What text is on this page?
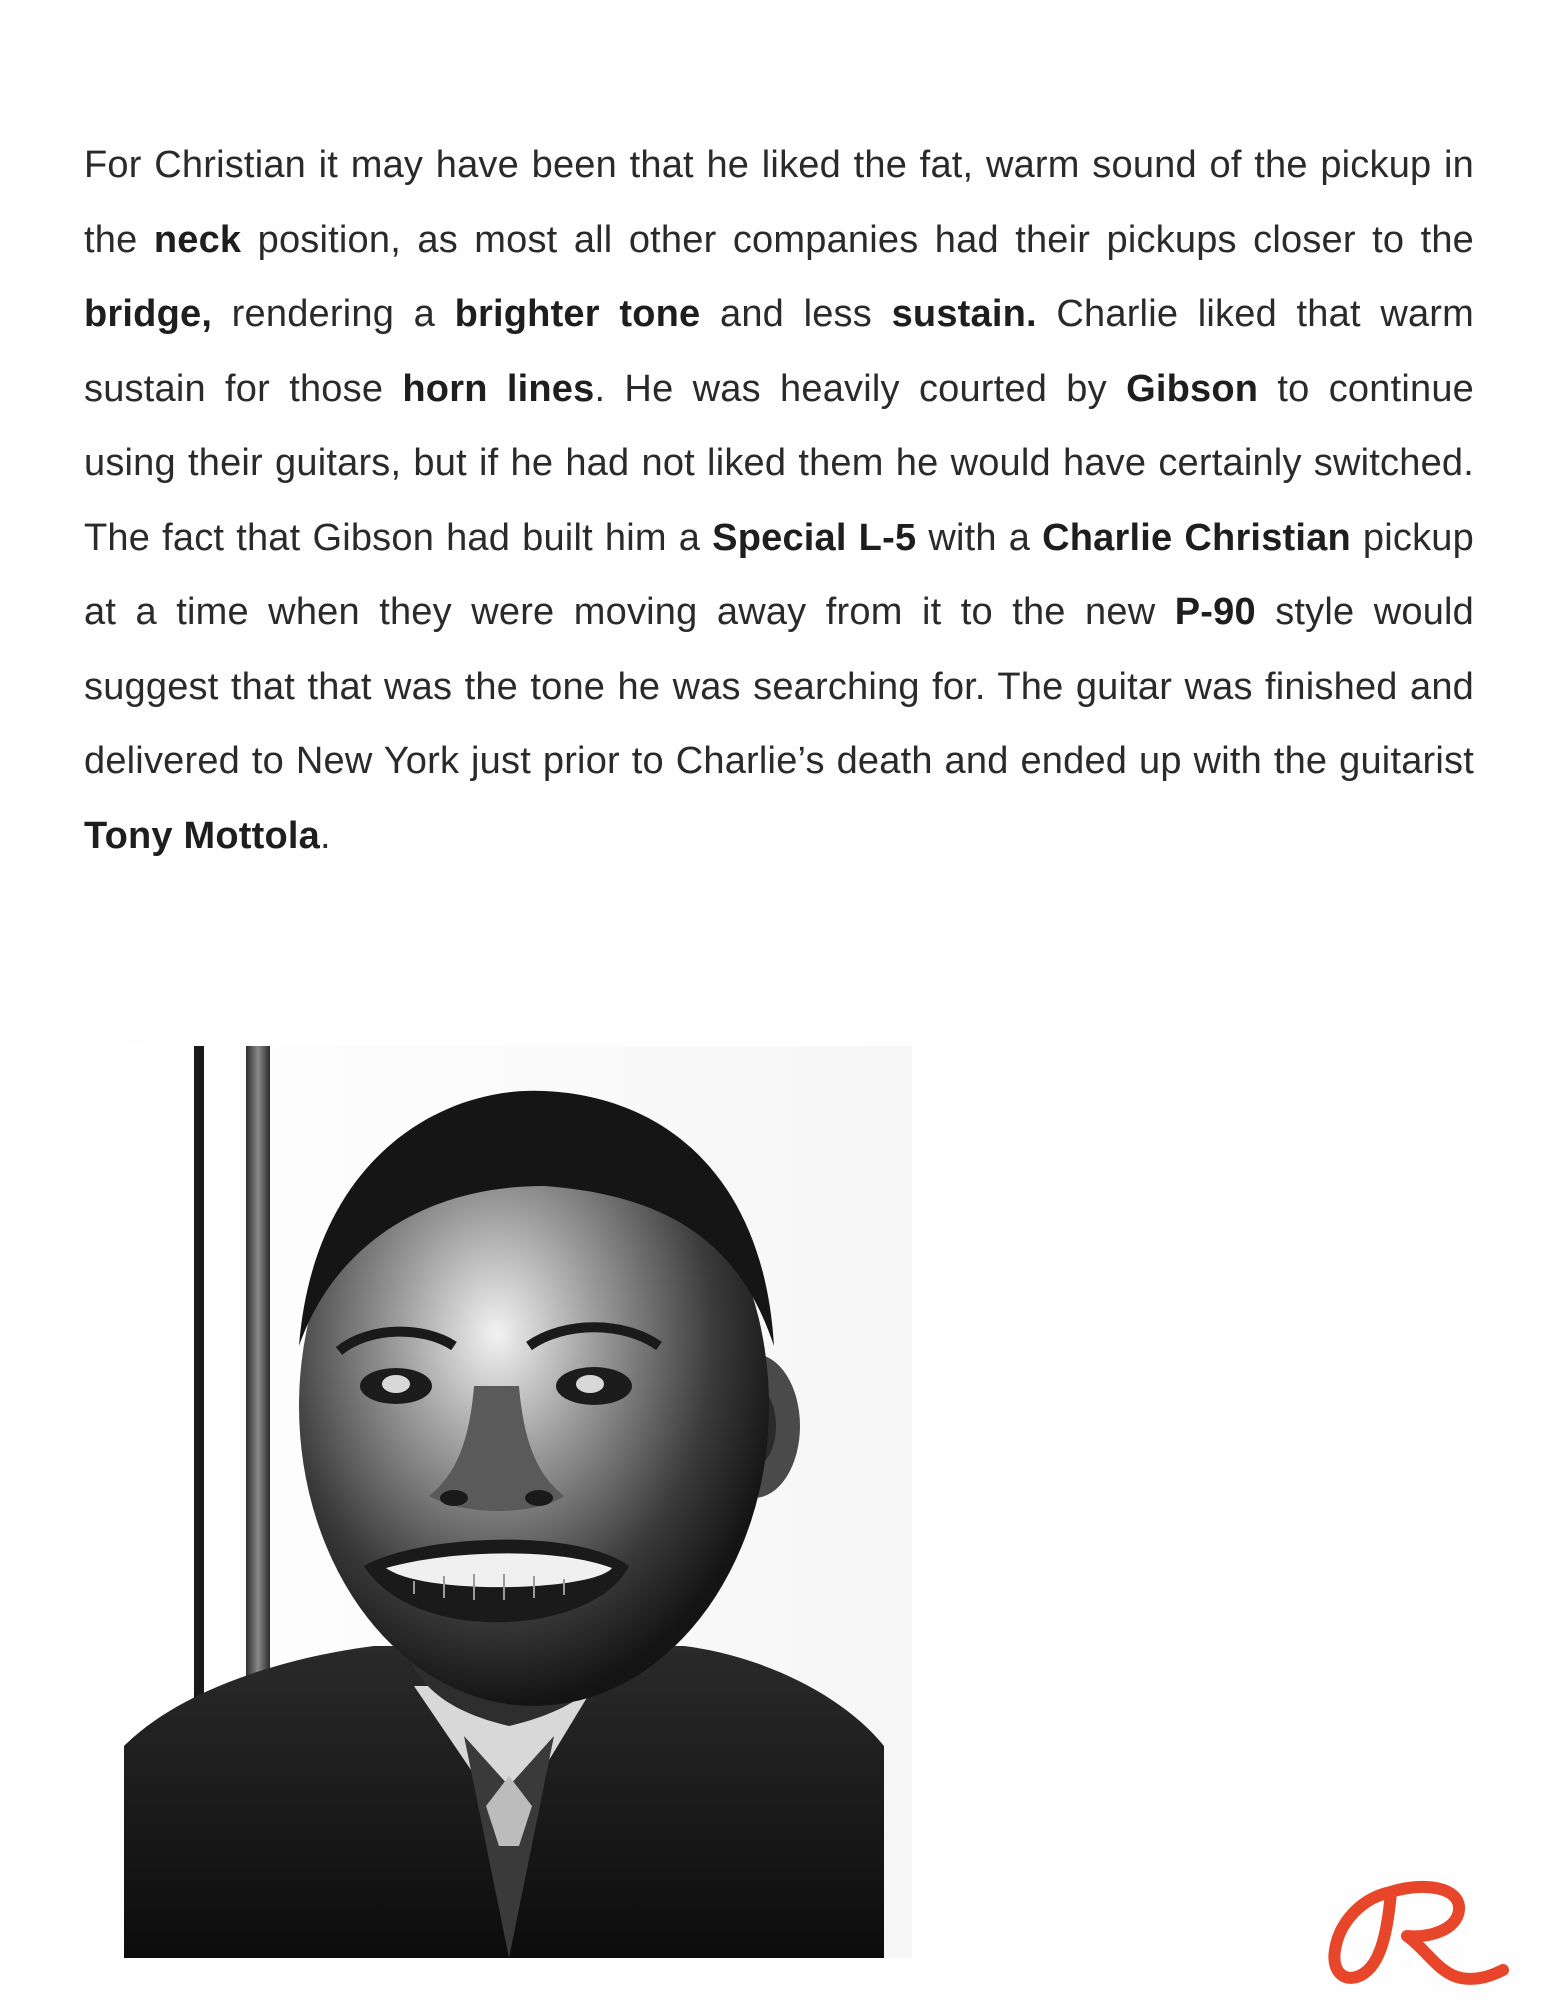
For Christian it may have been that he liked the fat, warm sound of the pickup in the neck position, as most all other companies had their pickups closer to the bridge, rendering a brighter tone and less sustain. Charlie liked that warm sustain for those horn lines. He was heavily courted by Gibson to continue using their guitars, but if he had not liked them he would have certainly switched. The fact that Gibson had built him a Special L-5 with a Charlie Christian pickup at a time when they were moving away from it to the new P-90 style would suggest that that was the tone he was searching for. The guitar was finished and delivered to New York just prior to Charlie’s death and ended up with the guitarist Tony Mottola.
